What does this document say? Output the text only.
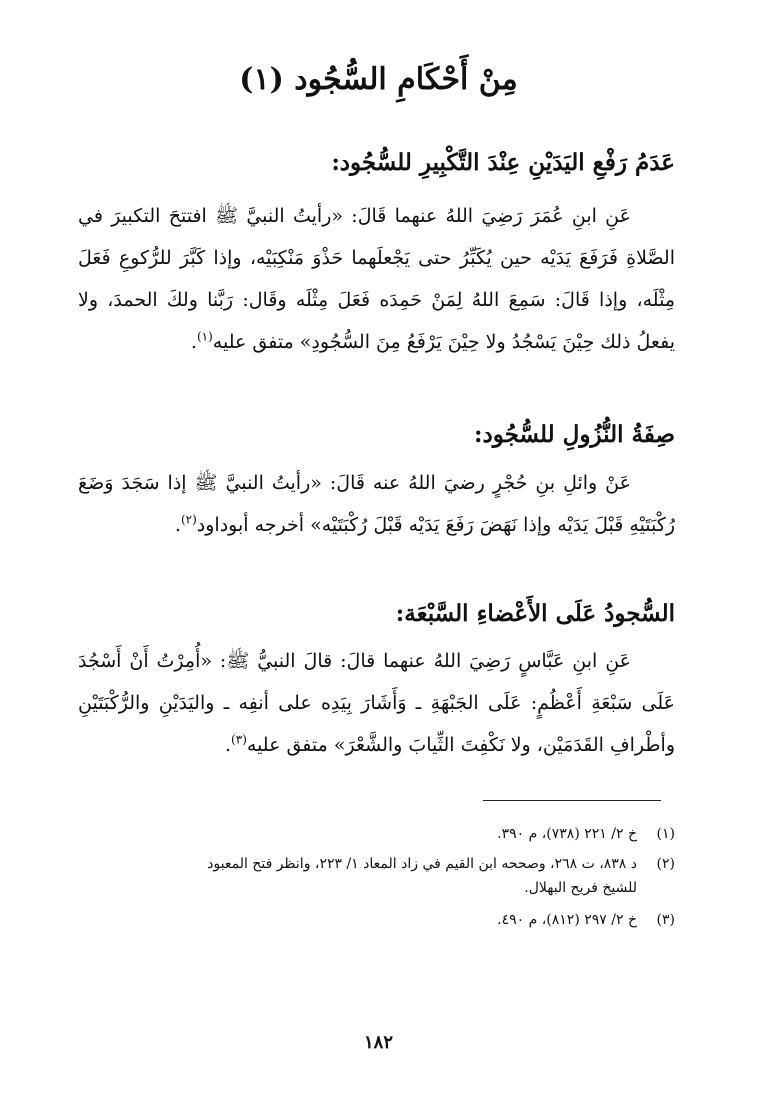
مِنْ أَحْكَامِ السُّجُود (١)
عَدَمُ رَفْعِ اليَدَيْنِ عِنْدَ التَّكْبِيرِ للسُّجُود:
عَنِ ابنِ عُمَرَ رَضِيَ اللهُ عنهما قَالَ: «رأيتُ النبيَّ ﷺ افتتحَ التكبيرَ في الصَّلاةِ فَرَفَعَ يَدَيْه حين يُكَبِّرُ حتى يَجْعلَهما حَذْوَ مَنْكِبَيْه، وإذا كَبَّرَ للرُّكوعِ فَعَلَ مِثْلَه، وإذا قَالَ: سَمِعَ اللهُ لِمَنْ حَمِدَه فَعَلَ مِثْلَه وقَال: رَبَّنا ولكَ الحمدَ، ولا يفعلُ ذلك حِيْنَ يَسْجُدُ ولا حِيْنَ يَرْفَعُ مِنَ السُّجُودِ» متفق عليه$^{(١)}$.
صِفَةُ النُّزُولِ للسُّجُود:
عَنْ وائلِ بنِ حُجْرٍ رضيَ اللهُ عنه قَالَ: «رأيتُ النبيَّ ﷺ إذا سَجَدَ وَضَعَ رُكْبَتَيْهِ قَبْلَ يَدَيْه وإذا نَهَضَ رَفَعَ يَدَيْه قَبْلَ رُكْبَتَيْه» أخرجه أبوداود$^{(٢)}$.
السُّجودُ عَلَى الأَعْضاءِ السَّبْعَة:
عَنِ ابنِ عَبَّاسٍ رَضِيَ اللهُ عنهما قالَ: قالَ النبيُّ ﷺ: «أُمِرْتُ أَنْ أَسْجُدَ عَلَى سَبْعَةِ أَعْظُمٍ: عَلَى الجَبْهَةِ ـ وَأَشَارَ بِيَدِه على أنفِه ـ واليَدَيْنِ والرُّكْبَتَيْنِ وأطْرافِ القَدَمَيْن، ولا نَكْفِتَ الثِّيابَ والشَّعْرَ» متفق عليه$^{(٣)}$.
(١)خ ٢/ ٢٢١ (٧٣٨)، م ٣٩٠.
(٢)د ٨٣٨، ت ٢٦٨، وصححه ابن القيم في زاد المعاد ١/ ٢٢٣، وانظر فتح المعبود
للشيخ فريح البهلال.
(٣)خ ٢/ ٢٩٧ (٨١٢)، م ٤٩٠.
١٨٢
